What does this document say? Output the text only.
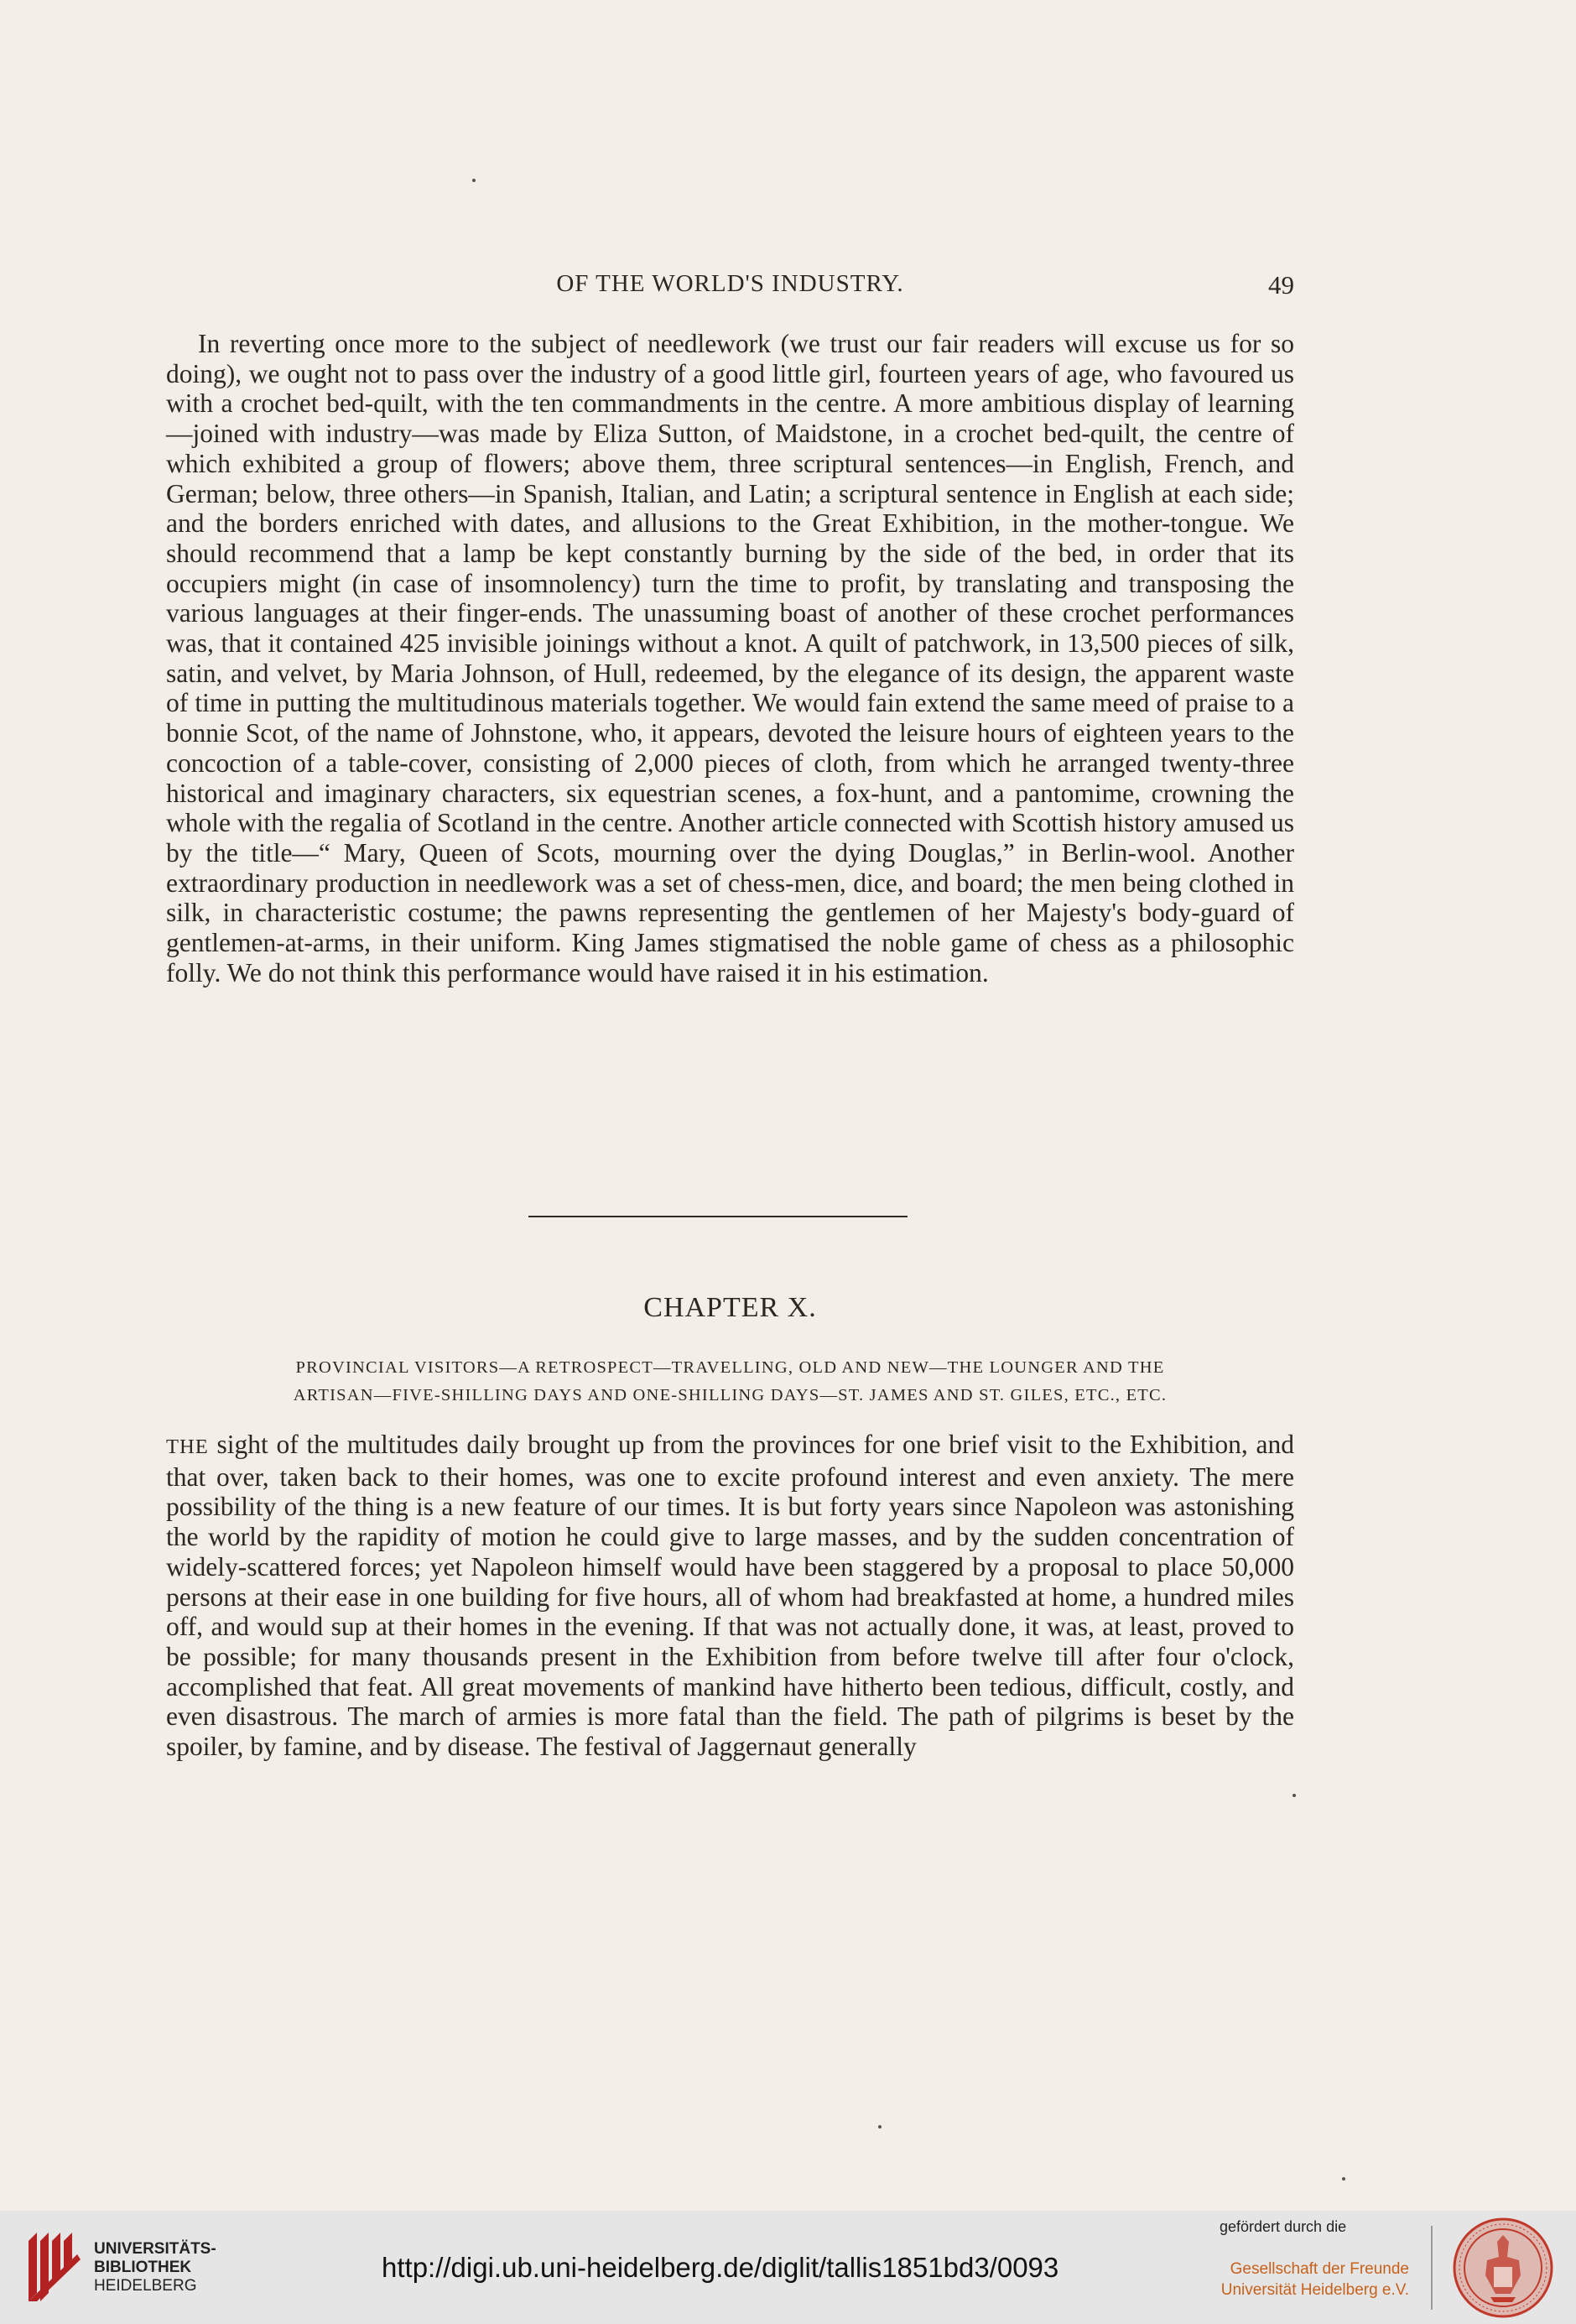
OF THE WORLD'S INDUSTRY.	49

In reverting once more to the subject of needlework (we trust our fair readers will excuse us for so doing), we ought not to pass over the industry of a good little girl, fourteen years of age, who favoured us with a crochet bed-quilt, with the ten commandments in the centre. A more ambitious display of learning—joined with industry—was made by Eliza Sutton, of Maidstone, in a crochet bed-quilt, the centre of which exhibited a group of flowers; above them, three scriptural sentences—in English, French, and German; below, three others—in Spanish, Italian, and Latin; a scriptural sentence in English at each side; and the borders enriched with dates, and allusions to the Great Exhibition, in the mother-tongue. We should recommend that a lamp be kept constantly burning by the side of the bed, in order that its occupiers might (in case of insomnolency) turn the time to profit, by translating and transposing the various languages at their finger-ends. The unassuming boast of another of these crochet performances was, that it contained 425 invisible joinings without a knot. A quilt of patchwork, in 13,500 pieces of silk, satin, and velvet, by Maria Johnson, of Hull, redeemed, by the elegance of its design, the apparent waste of time in putting the multitudinous materials together. We would fain extend the same meed of praise to a bonnie Scot, of the name of Johnstone, who, it appears, devoted the leisure hours of eighteen years to the concoction of a table-cover, consisting of 2,000 pieces of cloth, from which he arranged twenty-three historical and imaginary characters, six equestrian scenes, a fox-hunt, and a pantomime, crowning the whole with the regalia of Scotland in the centre. Another article connected with Scottish history amused us by the title—“ Mary, Queen of Scots, mourning over the dying Douglas,” in Berlin-wool. Another extraordinary production in needlework was a set of chess-men, dice, and board; the men being clothed in silk, in characteristic costume; the pawns representing the gentlemen of her Majesty's body-guard of gentlemen-at-arms, in their uniform. King James stigmatised the noble game of chess as a philosophic folly. We do not think this performance would have raised it in his estimation.

CHAPTER X.
PROVINCIAL VISITORS—A RETROSPECT—TRAVELLING, OLD AND NEW—THE LOUNGER AND THE
ARTISAN—FIVE-SHILLING DAYS AND ONE-SHILLING DAYS—ST. JAMES AND ST. GILES, ETC., ETC.

THE sight of the multitudes daily brought up from the provinces for one brief visit to the Exhibition, and that over, taken back to their homes, was one to excite profound interest and even anxiety. The mere possibility of the thing is a new feature of our times. It is but forty years since Napoleon was astonishing the world by the rapidity of motion he could give to large masses, and by the sudden concentration of widely-scattered forces; yet Napoleon himself would have been staggered by a proposal to place 50,000 persons at their ease in one building for five hours, all of whom had breakfasted at home, a hundred miles off, and would sup at their homes in the evening. If that was not actually done, it was, at least, proved to be possible; for many thousands present in the Exhibition from before twelve till after four o'clock, accomplished that feat. All great movements of mankind have hitherto been tedious, difficult, costly, and even disastrous. The march of armies is more fatal than the field. The path of pilgrims is beset by the spoiler, by famine, and by disease. The festival of Jaggernaut generally

UNIVERSITÄTS-
BIBLIOTHEK
HEIDELBERG
http://digi.ub.uni-heidelberg.de/diglit/tallis1851bd3/0093
gefördert durch die
Gesellschaft der Freunde
Universität Heidelberg e.V.
